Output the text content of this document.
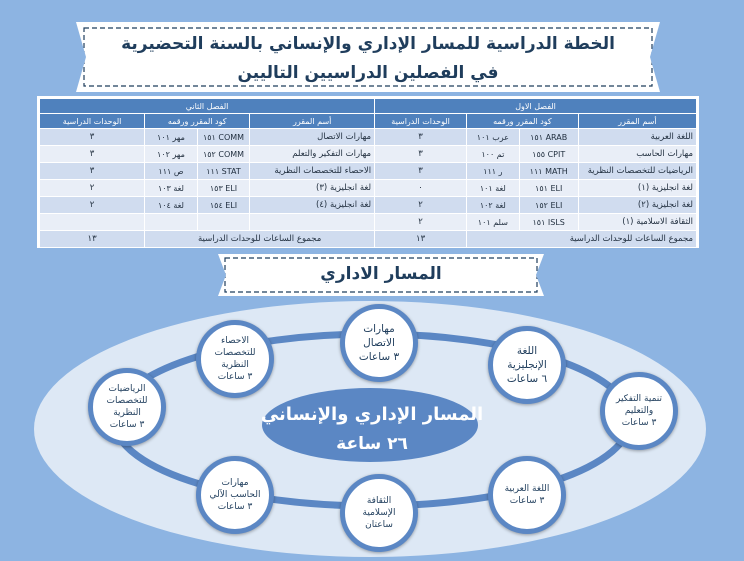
الخطة الدراسية للمسار الإداري والإنساني بالسنة التحضيرية
في الفصلين الدراسيين التاليين
الفصل الاول				الفصل الثاني			
أسم المقرر	كود المقرر ورقمه		الوحدات الدراسية	أسم المقرر	كود المقرر ورقمه		الوحدات الدراسية
اللغة العربية	ARAB ١٥١	عرب ١٠١	٣	مهارات الاتصال	COMM ١٥١	مهر ١٠١	٣
مهارات الحاسب	CPIT ١٥٥	تم ١٠٠	٣	مهارات التفكير والتعلم	COMM ١٥٢	مهر ١٠٢	٣
الرياضيات للتخصصات النظرية	MATH ١١١	ر ١١١	٣	الاحصاء للتخصصات النظرية	STAT ١١١	ص ١١١	٣
لغة انجليزية (١)	ELI ١٥١	لغة ١٠١	٠	لغة انجليزية (٣)	ELI ١٥٣	لغة ١٠٣	٢
لغة انجليزية (٢)	ELI ١٥٢	لغة ١٠٢	٢	لغة انجليزية (٤)	ELI ١٥٤	لغة ١٠٤	٢
الثقافة الاسلامية (١)	ISLS ١٥١	سلم ١٠١	٢				
مجموع الساعات للوحدات الدراسية			١٣	مجموع الساعات للوحدات الدراسية			١٣
المسار الاداري
المسار الإداري والإنساني
٢٦ ساعة
مهارات
الاتصال
٣ ساعات
اللغة
الإنجليزية
٦ ساعات
تنمية التفكير
والتعليم
٣ ساعات
اللغة العربية
٣ ساعات
الثقافة
الإسلامية
ساعتان
مهارات
الحاسب الآلي
٣ ساعات
الرياضيات
للتخصصات
النظرية
٣ ساعات
الاحصاء
للتخصصات
النظرية
٣ ساعات
